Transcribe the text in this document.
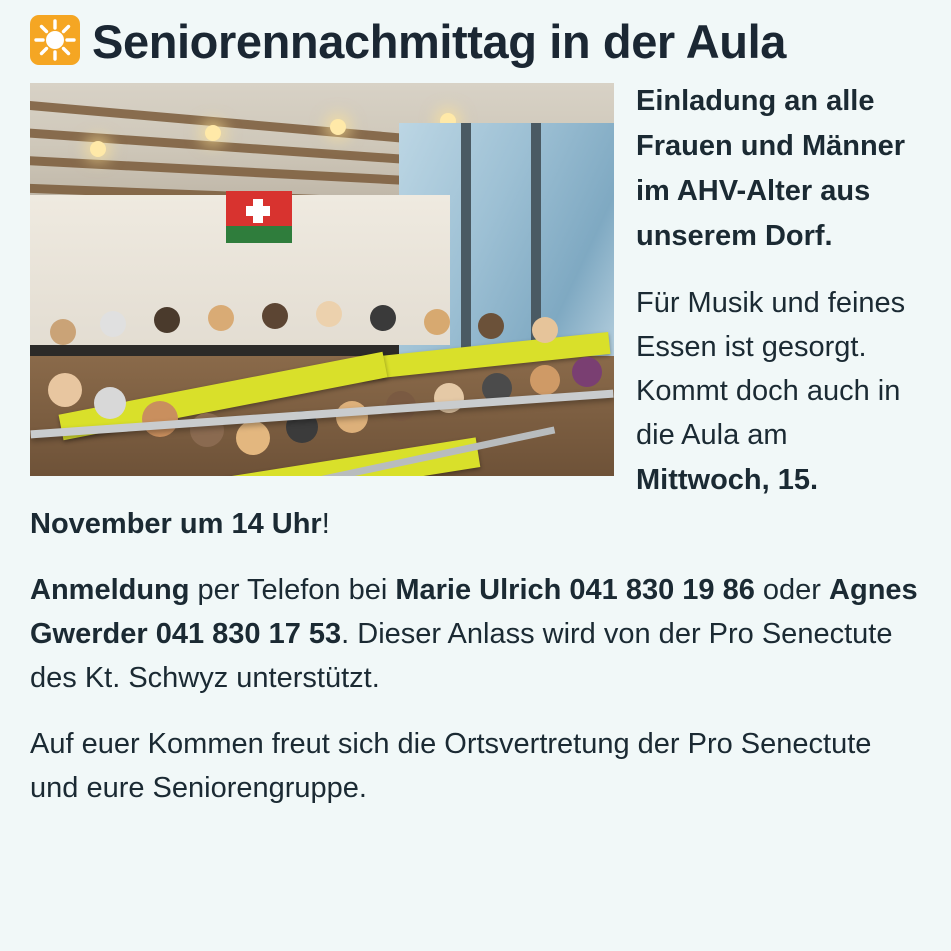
Seniorennachmittag in der Aula

Einladung an alle Frauen und Männer im AHV-Alter aus unserem Dorf.

Für Musik und feines Essen ist gesorgt. Kommt doch auch in die Aula am Mittwoch, 15. November um 14 Uhr!

Anmeldung per Telefon bei Marie Ulrich 041 830 19 86 oder Agnes Gwerder 041 830 17 53. Dieser Anlass wird von der Pro Senectute des Kt. Schwyz unterstützt.

Auf euer Kommen freut sich die Ortsvertretung der Pro Senectute und eure Seniorengruppe.
